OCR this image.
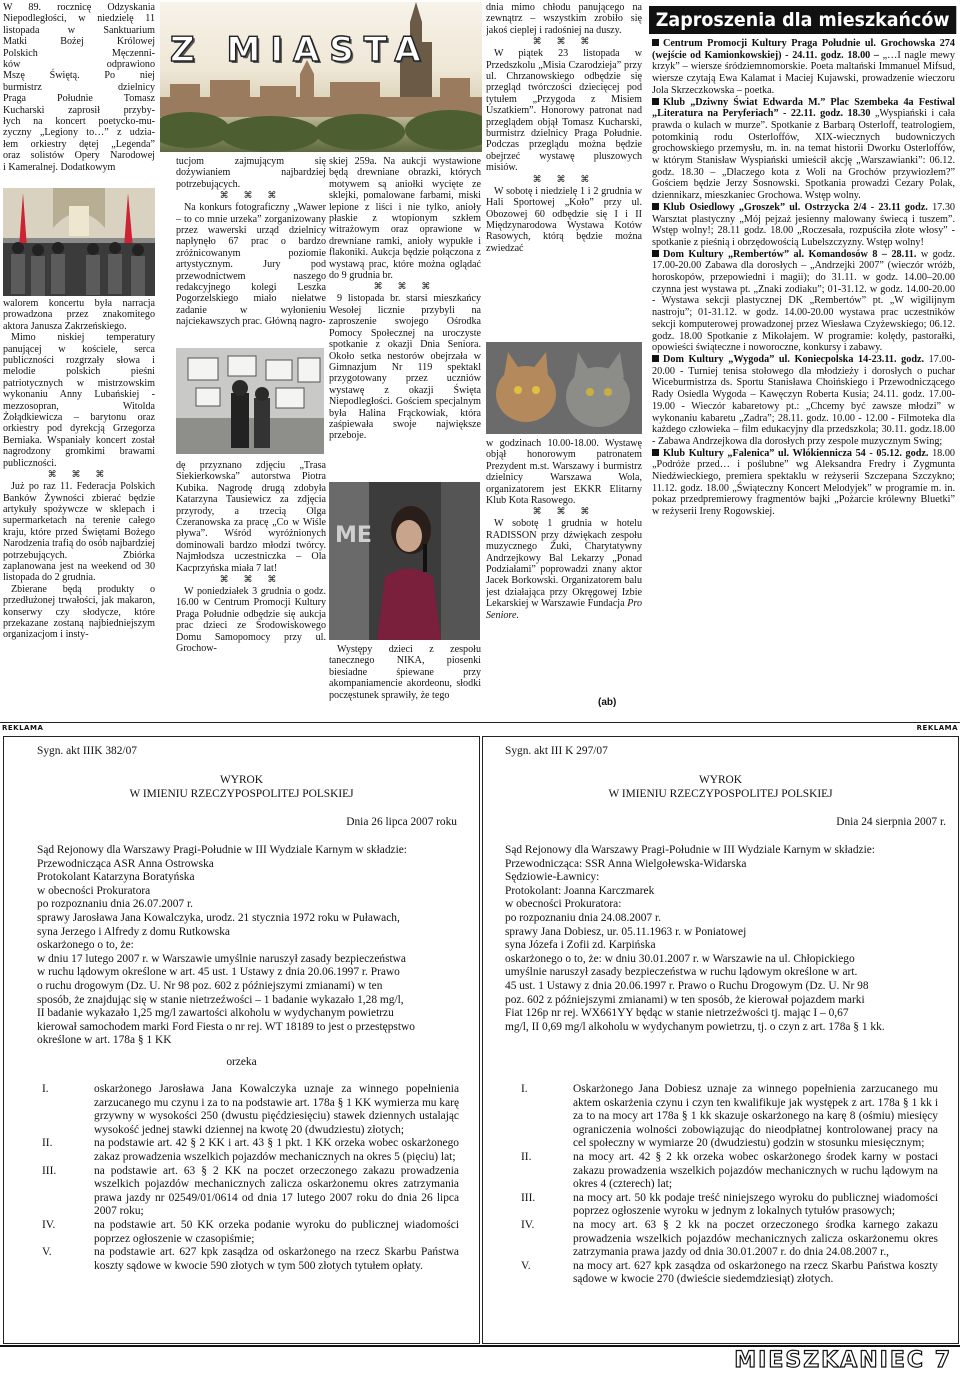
W 89. rocznicę Odzyskania
Niepodległości, w niedzielę 11
listopada w Sanktuarium
Matki Bożej Królowej
Polskich Męczenni-
ków odprawiono
Mszę Świętą. Po niej
burmistrz dzielnicy
Praga Południe Tomasz
Kucharski zaprosił przyby-
łych na koncert poetycko-mu-
zyczny „Legiony to…” z udzia-
łem orkiestry dętej „Legenda”
oraz solistów Opery Narodowej
i Kameralnej. Dodatkowym

walorem koncertu była narracja prowadzona przez znakomitego aktora Janusza Zakrzeńskiego.

Mimo niskiej temperatury panującej w kościele, serca publiczności rozgrzały słowa i melodie polskich pieśni patriotycznych w mistrzowskim wykonaniu Anny Lubańskiej - mezzosopran, Witolda Żołądkiewicza – barytonu oraz orkiestry pod dyrekcją Grzegorza Berniaka. Wspaniały koncert został nagrodzony gromkimi brawami publiczności.

⌘ ⌘ ⌘

Już po raz 11. Federacja Polskich Banków Żywności zbierać będzie artykuły spożywcze w sklepach i supermarketach na terenie całego kraju, które przed Świętami Bożego Narodzenia trafią do osób najbardziej potrzebujących. Zbiórka zaplanowana jest na weekend od 30 listopada do 2 grudnia.

Zbierane będą produkty o przedłużonej trwałości, jak makaron, konserwy czy słodycze, które przekazane zostaną najbiedniejszym organizacjom i insty-

Z MIASTA

tucjom zajmującym się dożywianiem najbardziej potrzebujących.

⌘ ⌘ ⌘

Na konkurs fotograficzny „Wawer – to co mnie urzeka” zorganizowany przez wawerski urząd dzielnicy napłynęło 67 prac o bardzo zróżnicowanym poziomie artystycznym. Jury pod przewodnictwem naszego redakcyjnego kolegi Leszka Pogorzelskiego miało niełatwe zadanie w wyłonieniu najciekawszych prac. Główną nagro-

dę przyznano zdjęciu „Trasa Siekierkowska” autorstwa Piotra Kubika. Nagrodę drugą zdobyła Katarzyna Tausiewicz za zdjęcia przyrody, a trzecią Olga Czeranowska za pracę „Co w Wiśle pływa”. Wśród wyróżnionych dominowali bardzo młodzi twórcy. Najmłodsza uczestniczka – Ola Kacprzyńska miała 7 lat!

⌘ ⌘ ⌘

W poniedziałek 3 grudnia o godz. 16.00 w Centrum Promocji Kultury Praga Południe odbędzie się aukcja prac dzieci ze Środowiskowego Domu Samopomocy przy ul. Grochow-

skiej 259a. Na aukcji wystawione będą drewniane obrazki, których motywem są aniołki wycięte ze sklejki, pomalowane farbami, miski lepione z liści i nie tylko, anioły płaskie z wtopionym szkłem witrażowym oraz oprawione w drewniane ramki, anioły wypukłe i flakoniki. Aukcja będzie połączona z wystawą prac, które można oglądać do 9 grudnia br.

⌘ ⌘ ⌘

9 listopada br. starsi mieszkańcy Wesołej licznie przybyli na zaproszenie swojego Ośrodka Pomocy Społecznej na uroczyste spotkanie z okazji Dnia Seniora. Około setka nestorów obejrzała w Gimnazjum Nr 119 spektakl przygotowany przez uczniów wystawę z okazji Święta Niepodległości. Gościem specjalnym była Halina Frąckowiak, która zaśpiewała swoje największe przeboje.

ME

Występy dzieci z zespołu tanecznego NIKA, piosenki biesiadne śpiewane przy akompaniamencie akordeonu, słodki poczęstunek sprawiły, że tego

dnia mimo chłodu panującego na zewnątrz – wszystkim zrobiło się jakoś cieplej i radośniej na duszy.

⌘ ⌘ ⌘

W piątek 23 listopada w Przedszkolu „Misia Czarodzieja” przy ul. Chrzanowskiego odbędzie się przegląd twórczości dziecięcej pod tytułem „Przygoda z Misiem Uszatkiem”. Honorowy patronat nad przeglądem objął Tomasz Kucharski, burmistrz dzielnicy Praga Południe. Podczas przeglądu można będzie obejrzeć wystawę pluszowych misiów.

⌘ ⌘ ⌘

W sobotę i niedzielę 1 i 2 grudnia w Hali Sportowej „Koło” przy ul. Obozowej 60 odbędzie się I i II Międzynarodowa Wystawa Kotów Rasowych, którą będzie można zwiedzać

w godzinach 10.00-18.00. Wystawę objął honorowym patronatem Prezydent m.st. Warszawy i burmistrz dzielnicy Warszawa Wola, organizatorem jest EKKR Elitarny Klub Kota Rasowego.

⌘ ⌘ ⌘

W sobotę 1 grudnia w hotelu RADISSON przy dźwiękach zespołu muzycznego Żuki, Charytatywny Andrzejkowy Bal Lekarzy „Ponad Podziałami” poprowadzi znany aktor Jacek Borkowski. Organizatorem balu jest działająca przy Okręgowej Izbie Lekarskiej w Warszawie Fundacja Pro Seniore.

(ab)
Zaproszenia dla mieszkańców

Centrum Promocji Kultury Praga Południe ul. Grochowska 274 (wejście od Kamionkowskiej) - 24.11. godz. 18.00 – „…I nagle mewy krzyk” – wiersze śródziemnomorskie. Poeta maltański Immanuel Mifsud, wiersze czytają Ewa Kalamat i Maciej Kujawski, prowadzenie wieczoru Jola Skrzeczkowska – poetka.

Klub „Dziwny Świat Edwarda M.” Plac Szembeka 4a Festiwal „Literatura na Peryferiach” - 22.11. godz. 18.30 „Wyspiański i cała prawda o kulach w murze”. Spotkanie z Barbarą Osterloff, teatrologiem, potomkinią rodu Osterloffów, XIX-wiecznych budowniczych grochowskiego przemysłu, m. in. na temat historii Dworku Osterloffów, w którym Stanisław Wyspiański umieścił akcję „Warszawianki”: 06.12. godz. 18.30 – „Dlaczego kota z Woli na Grochów przywiozłem?” Gościem będzie Jerzy Sosnowski. Spotkania prowadzi Cezary Polak, dziennikarz, mieszkaniec Grochowa. Wstęp wolny.

Klub Osiedlowy „Groszek” ul. Ostrzycka 2/4 - 23.11 godz. 17.30 Warsztat plastyczny „Mój pejzaż jesienny malowany świecą i tuszem”. Wstęp wolny!; 28.11 godz. 18.00 „Roczesała, rozpuściła złote włosy” - spotkanie z pieśnią i obrzędowością Lubelszczyzny. Wstęp wolny!

Dom Kultury „Rembertów” al. Komandosów 8 – 28.11. w godz. 17.00-20.00 Zabawa dla dorosłych – „Andrzejki 2007” (wieczór wróżb, horoskopów, przepowiedni i magii); do 31.11. w godz. 14.00–20.00 czynna jest wystawa pt. „Znaki zodiaku”; 01-31.12. w godz. 14.00-20.00 - Wystawa sekcji plastycznej DK „Rembertów” pt. „W wigilijnym nastroju”; 01-31.12. w godz. 14.00-20.00 wystawa prac uczestników sekcji komputerowej prowadzonej przez Wiesława Czyżewskiego; 06.12. godz. 18.00 Spotkanie z Mikołajem. W programie: kolędy, pastorałki, opowieści świąteczne i noworoczne, konkursy i zabawy.

Dom Kultury „Wygoda” ul. Koniecpolska 14-23.11. godz. 17.00-20.00 - Turniej tenisa stołowego dla młodzieży i dorosłych o puchar Wiceburmistrza ds. Sportu Stanisława Choińskiego i Przewodniczącego Rady Osiedla Wygoda – Kawęczyn Roberta Kusia; 24.11. godz. 17.00-19.00 - Wieczór kabaretowy pt.: „Chcemy być zawsze młodzi” w wykonaniu kabaretu „Zadra”; 28.11. godz. 10.00 - 12.00 - Filmoteka dla każdego człowieka – film edukacyjny dla przedszkola; 30.11. godz.18.00 - Zabawa Andrzejkowa dla dorosłych przy zespole muzycznym Swing;

Klub Kultury „Falenica” ul. Włókiennicza 54 - 05.12. godz. 18.00 „Podróże przed… i poślubne” wg Aleksandra Fredry i Zygmunta Niedźwieckiego, premiera spektaklu w reżyserii Szczepana Szczykno; 11.12. godz. 18.00 „Świąteczny Koncert Melodyjek” w programie m. in. pokaz przedpremierowy fragmentów bajki „Pożarcie królewny Bluetki” w reżyserii Ireny Rogowskiej.

REKLAMA	REKLAMA
Sygn. akt IIIK 382/07
WYROK
W IMIENIU RZECZYPOSPOLITEJ POLSKIEJ
Dnia 26 lipca 2007 roku
Sąd Rejonowy dla Warszawy Pragi-Południe w III Wydziale Karnym w składzie:
Przewodnicząca ASR Anna Ostrowska
Protokolant Katarzyna Boratyńska
w obecności Prokuratora
po rozpoznaniu dnia 26.07.2007 r.
sprawy Jarosława Jana Kowalczyka, urodz. 21 stycznia 1972 roku w Puławach,
syna Jerzego i Alfredy z domu Rutkowska
oskarżonego o to, że:
w dniu 17 lutego 2007 r. w Warszawie umyślnie naruszył zasady bezpieczeństwa
w ruchu lądowym określone w art. 45 ust. 1 Ustawy z dnia 20.06.1997 r. Prawo
o ruchu drogowym (Dz. U. Nr 98 poz. 602 z późniejszymi zmianami) w ten
sposób, że znajdując się w stanie nietrzeźwości – 1 badanie wykazało 1,28 mg/l,
II badanie wykazało 1,25 mg/l zawartości alkoholu w wydychanym powietrzu
kierował samochodem marki Ford Fiesta o nr rej. WT 18189 to jest o przestępstwo
określone w art. 178a § 1 KK
orzeka
I.	oskarżonego Jarosława Jana Kowalczyka uznaje za winnego popełnienia zarzucanego mu czynu i za to na podstawie art. 178a § 1 KK wymierza mu karę grzywny w wysokości 250 (dwustu pięćdziesięciu) stawek dziennych ustalając wysokość jednej stawki dziennej na kwotę 20 (dwudziestu) złotych;
II.	na podstawie art. 42 § 2 KK i art. 43 § 1 pkt. 1 KK orzeka wobec oskarżonego zakaz prowadzenia wszelkich pojazdów mechanicznych na okres 5 (pięciu) lat;
III.	na podstawie art. 63 § 2 KK na poczet orzeczonego zakazu prowadzenia wszelkich pojazdów mechanicznych zalicza oskarżonemu okres zatrzymania prawa jazdy nr 02549/01/0614 od dnia 17 lutego 2007 roku do dnia 26 lipca 2007 roku;
IV.	na podstawie art. 50 KK orzeka podanie wyroku do publicznej wiadomości poprzez ogłoszenie w czasopiśmie;
V.	na podstawie art. 627 kpk zasądza od oskarżonego na rzecz Skarbu Państwa koszty sądowe w kwocie 590 złotych w tym 500 złotych tytułem opłaty.
Sygn. akt III K 297/07
WYROK
W IMIENIU RZECZYPOSPOLITEJ POLSKIEJ
Dnia 24 sierpnia 2007 r.
Sąd Rejonowy dla Warszawy Pragi-Południe w III Wydziale Karnym w składzie:
Przewodnicząca: SSR Anna Wielgołewska-Widarska
Sędziowie-Ławnicy:
Protokolant: Joanna Karczmarek
w obecności Prokuratora:
po rozpoznaniu dnia 24.08.2007 r.
sprawy Jana Dobiesz, ur. 05.11.1963 r. w Poniatowej
syna Józefa i Zofii zd. Karpińska
oskarżonego o to, że: w dniu 30.01.2007 r. w Warszawie na ul. Chłopickiego
umyślnie naruszył zasady bezpieczeństwa w ruchu lądowym określone w art.
45 ust. 1 Ustawy z dnia 20.06.1997 r. Prawo o Ruchu Drogowym (Dz. U. Nr 98
poz. 602 z późniejszymi zmianami) w ten sposób, że kierował pojazdem marki
Fiat 126p nr rej. WX661YY będąc w stanie nietrzeźwości tj. mając I – 0,67
mg/l, II 0,69 mg/l alkoholu w wydychanym powietrzu, tj. o czyn z art. 178a § 1 kk.
I.	Oskarżonego Jana Dobiesz uznaje za winnego popełnienia zarzucanego mu aktem oskarżenia czynu i czyn ten kwalifikuje jak występek z art. 178a § 1 kk i za to na mocy art 178a § 1 kk skazuje oskarżonego na karę 8 (ośmiu) miesięcy ograniczenia wolności zobowiązując do nieodpłatnej kontrolowanej pracy na cel społeczny w wymiarze 20 (dwudziestu) godzin w stosunku miesięcznym;
II.	na mocy art. 42 § 2 kk orzeka wobec oskarżonego środek karny w postaci zakazu prowadzenia wszelkich pojazdów mechanicznych w ruchu lądowym na okres 4 (czterech) lat;
III.	na mocy art. 50 kk podaje treść niniejszego wyroku do publicznej wiadomości poprzez ogłoszenie wyroku w jednym z lokalnych tytułów prasowych;
IV.	na mocy art. 63 § 2 kk na poczet orzeczonego środka karnego zakazu prowadzenia wszelkich pojazdów mechanicznych zalicza oskarżonemu okres zatrzymania prawa jazdy od dnia 30.01.2007 r. do dnia 24.08.2007 r.,
V.	na mocy art. 627 kpk zasądza od oskarżonego na rzecz Skarbu Państwa koszty sądowe w kwocie 270 (dwieście siedemdziesiąt) złotych.
MIESZKANIEC 7
